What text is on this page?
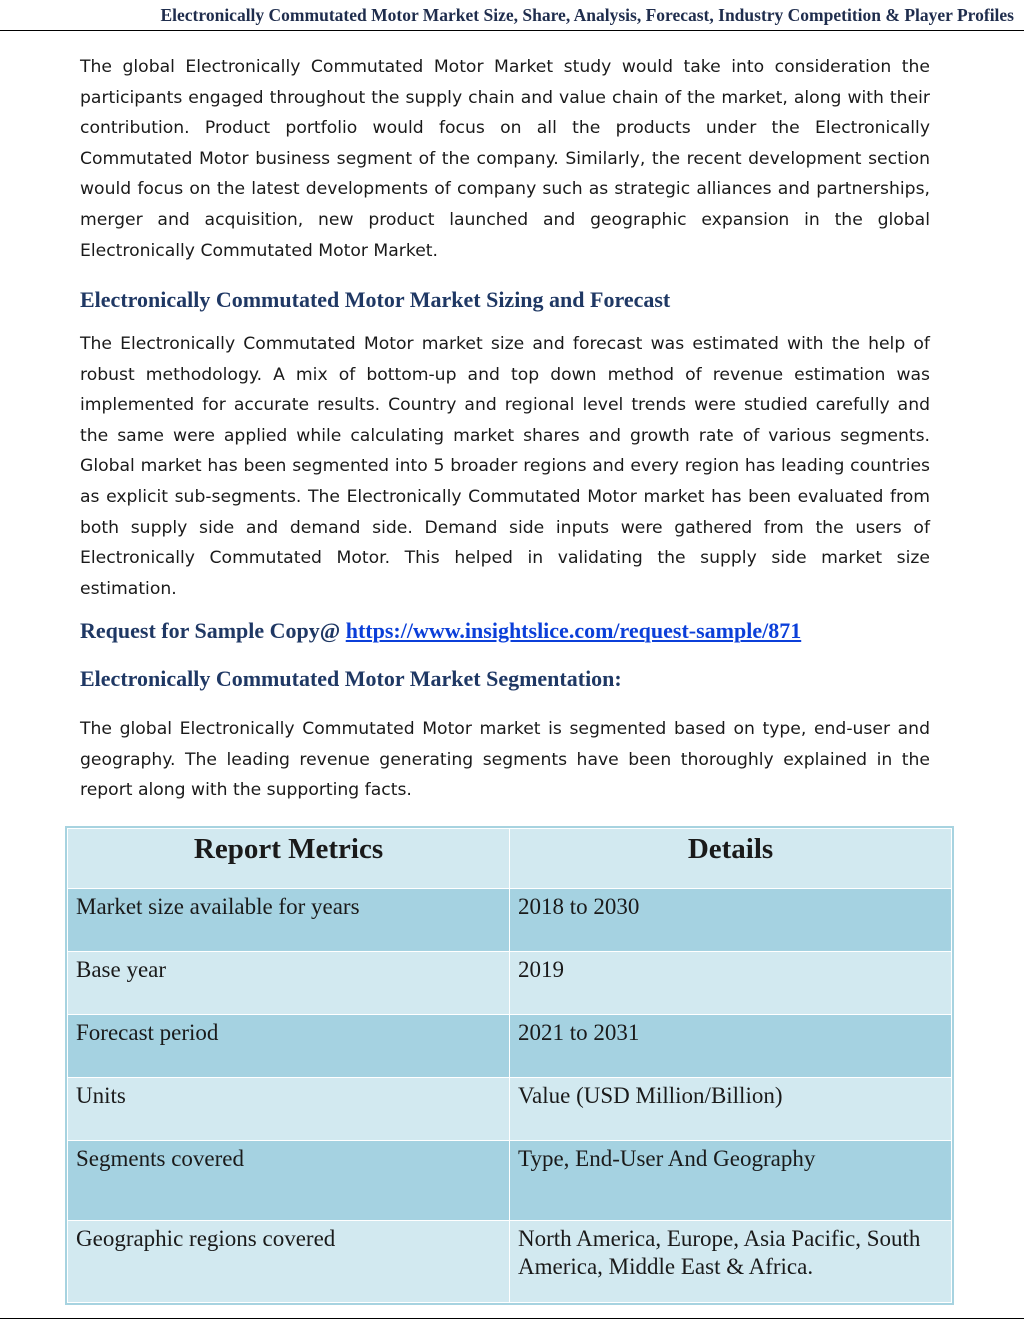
Electronically Commutated Motor Market Size, Share, Analysis, Forecast, Industry Competition & Player Profiles

The global Electronically Commutated Motor Market study would take into consideration the participants engaged throughout the supply chain and value chain of the market, along with their contribution. Product portfolio would focus on all the products under the Electronically Commutated Motor business segment of the company. Similarly, the recent development section would focus on the latest developments of company such as strategic alliances and partnerships, merger and acquisition, new product launched and geographic expansion in the global Electronically Commutated Motor Market.

Electronically Commutated Motor Market Sizing and Forecast

The Electronically Commutated Motor market size and forecast was estimated with the help of robust methodology. A mix of bottom-up and top down method of revenue estimation was implemented for accurate results. Country and regional level trends were studied carefully and the same were applied while calculating market shares and growth rate of various segments. Global market has been segmented into 5 broader regions and every region has leading countries as explicit sub-segments. The Electronically Commutated Motor market has been evaluated from both supply side and demand side. Demand side inputs were gathered from the users of Electronically Commutated Motor. This helped in validating the supply side market size estimation.

Request for Sample Copy@ https://www.insightslice.com/request-sample/871
Electronically Commutated Motor Market Segmentation:

The global Electronically Commutated Motor market is segmented based on type, end-user and geography. The leading revenue generating segments have been thoroughly explained in the report along with the supporting facts.

Report Metrics	Details
Market size available for years	2018 to 2030
Base year	2019
Forecast period	2021 to 2031
Units	Value (USD Million/Billion)
Segments covered	Type, End-User And Geography
Geographic regions covered	North America, Europe, Asia Pacific, South America, Middle East & Africa.
